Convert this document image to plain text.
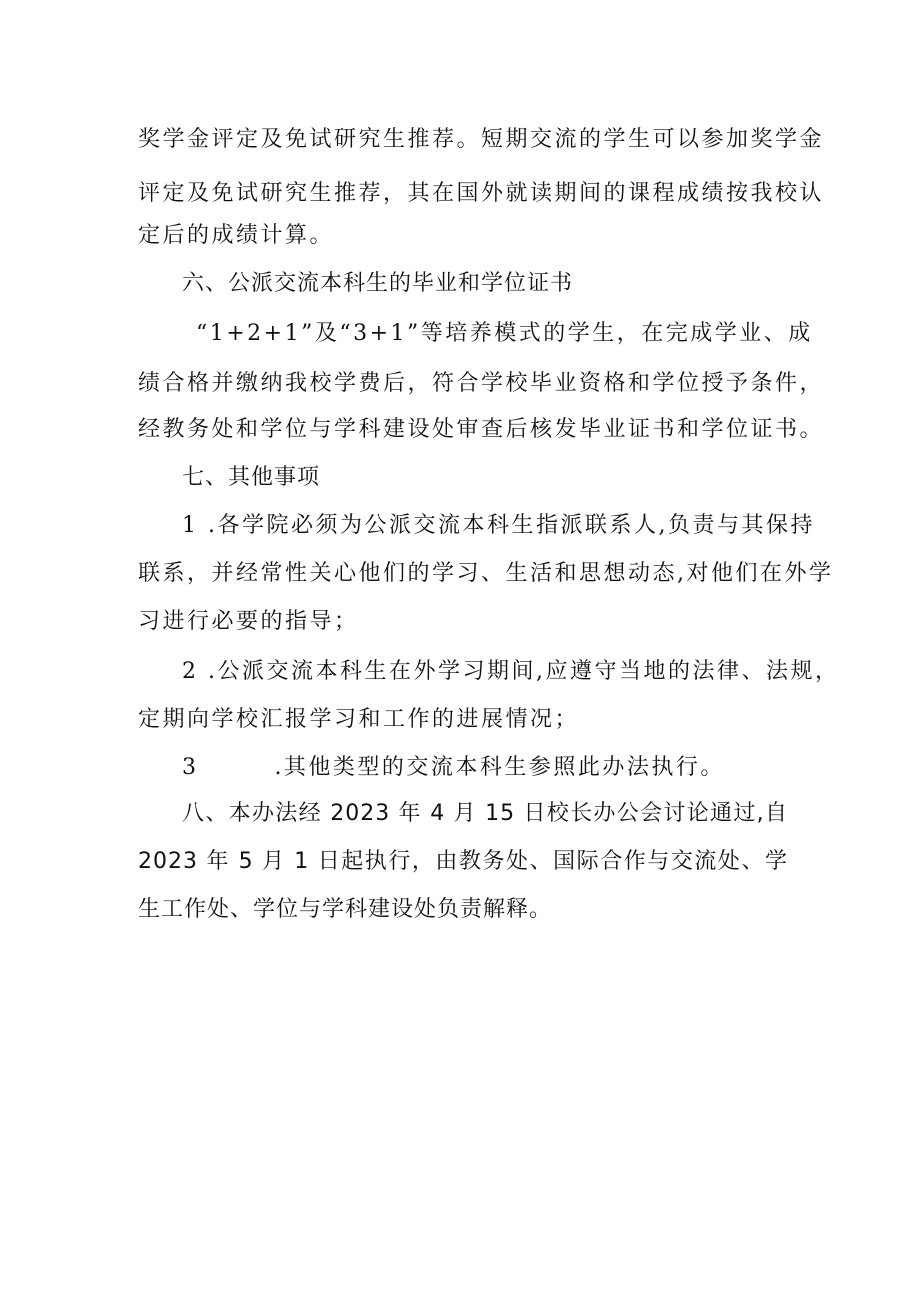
奖学金评定及免试研究生推荐。短期交流的学生可以参加奖学金
评定及免试研究生推荐，其在国外就读期间的课程成绩按我校认
定后的成绩计算。
六、公派交流本科生的毕业和学位证书
“1+2+1”及“3+1”等培养模式的学生，在完成学业、成
绩合格并缴纳我校学费后，符合学校毕业资格和学位授予条件，
经教务处和学位与学科建设处审查后核发毕业证书和学位证书。
七、其他事项
1 .各学院必须为公派交流本科生指派联系人,负责与其保持
联系，并经常性关心他们的学习、生活和思想动态,对他们在外学
习进行必要的指导；
2 .公派交流本科生在外学习期间,应遵守当地的法律、法规，
定期向学校汇报学习和工作的进展情况；
3        .其他类型的交流本科生参照此办法执行。
八、本办法经 2023 年 4 月 15 日校长办公会讨论通过,自
2023 年 5 月 1 日起执行，由教务处、国际合作与交流处、学
生工作处、学位与学科建设处负责解释。
